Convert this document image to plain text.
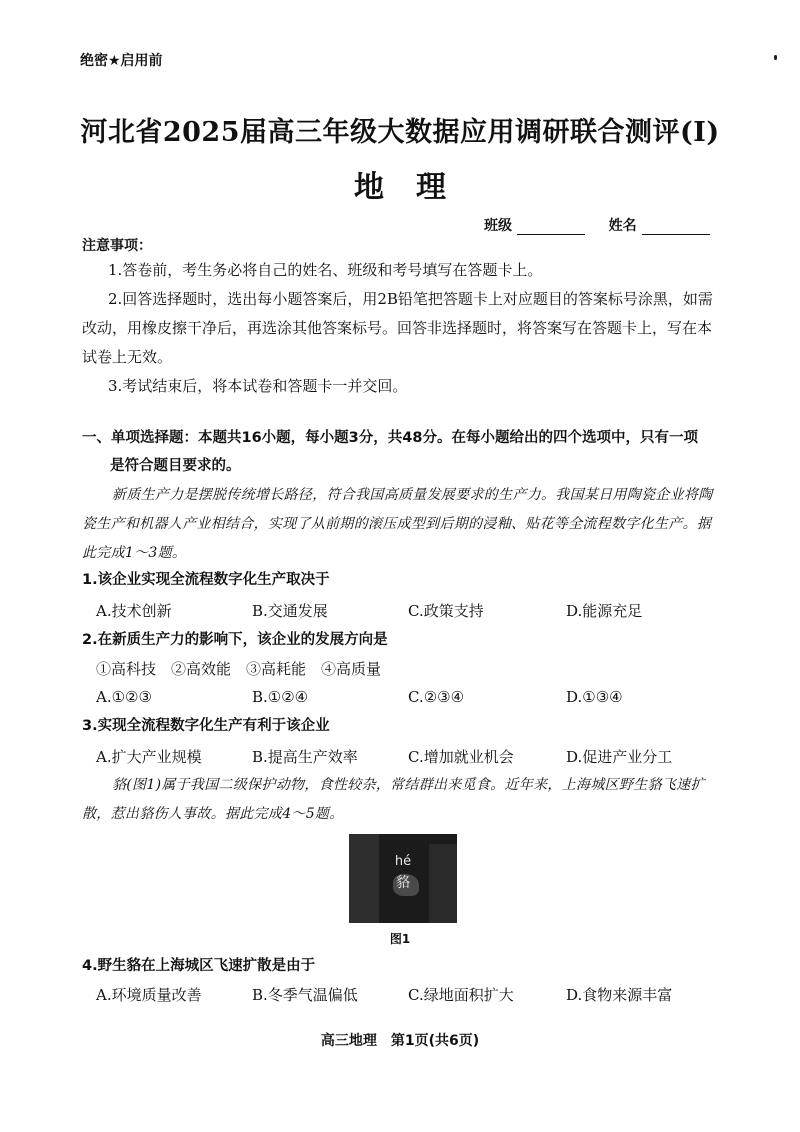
绝密★启用前
河北省2025届高三年级大数据应用调研联合测评(Ⅰ)
地 理
班级	姓名
注意事项：
1.答卷前，考生务必将自己的姓名、班级和考号填写在答题卡上。
2.回答选择题时，选出每小题答案后，用2B铅笔把答题卡上对应题目的答案标号涂黑，如需改动，用橡皮擦干净后，再选涂其他答案标号。回答非选择题时，将答案写在答题卡上，写在本试卷上无效。
3.考试结束后，将本试卷和答题卡一并交回。
一、单项选择题：本题共16小题，每小题3分，共48分。在每小题给出的四个选项中，只有一项
是符合题目要求的。
新质生产力是摆脱传统增长路径，符合我国高质量发展要求的生产力。我国某日用陶瓷企业将陶瓷生产和机器人产业相结合，实现了从前期的滚压成型到后期的浸釉、贴花等全流程数字化生产。据此完成1～3题。
1.该企业实现全流程数字化生产取决于
A.技术创新	B.交通发展	C.政策支持	D.能源充足
2.在新质生产力的影响下，该企业的发展方向是
①高科技　②高效能　③高耗能　④高质量
A.①②③	B.①②④	C.②③④	D.①③④
3.实现全流程数字化生产有利于该企业
A.扩大产业规模	B.提高生产效率	C.增加就业机会	D.促进产业分工
貉(图1)属于我国二级保护动物，食性较杂，常结群出来觅食。近年来，上海城区野生貉飞速扩散，惹出貉伤人事故。据此完成4～5题。
hé
貉
图1
4.野生貉在上海城区飞速扩散是由于
A.环境质量改善	B.冬季气温偏低	C.绿地面积扩大	D.食物来源丰富
高三地理　第1页(共6页)
